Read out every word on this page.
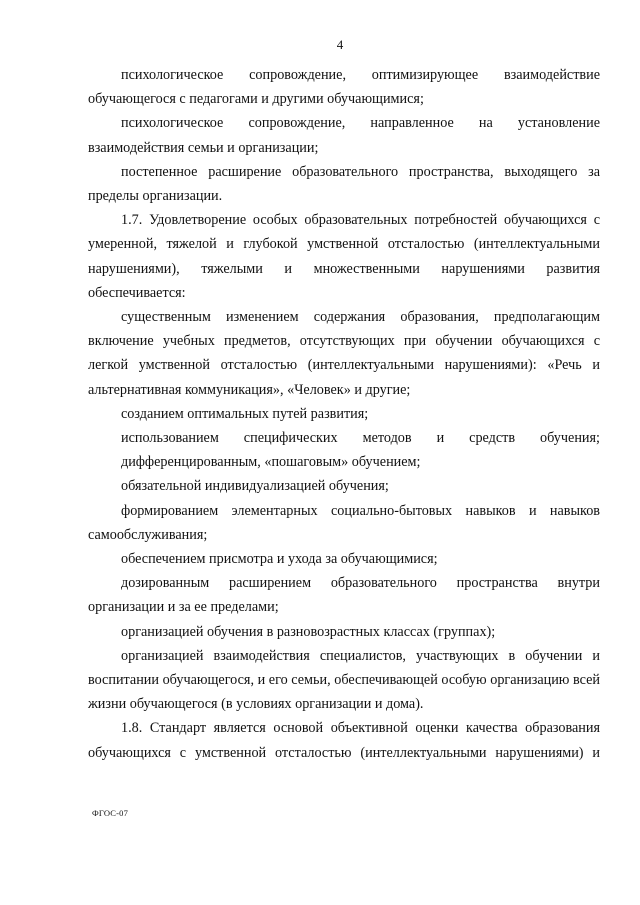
4

психологическое сопровождение, оптимизирующее взаимодействие обучающегося с педагогами и другими обучающимися;

психологическое сопровождение, направленное на установление взаимодействия семьи и организации;

постепенное расширение образовательного пространства, выходящего за пределы организации.

1.7. Удовлетворение особых образовательных потребностей обучающихся с умеренной, тяжелой и глубокой умственной отсталостью (интеллектуальными нарушениями), тяжелыми и множественными нарушениями развития обеспечивается:

существенным изменением содержания образования, предполагающим включение учебных предметов, отсутствующих при обучении обучающихся с легкой умственной отсталостью (интеллектуальными нарушениями): «Речь и альтернативная коммуникация», «Человек» и другие;

созданием оптимальных путей развития;

использованием специфических методов и средств обучения;

дифференцированным, «пошаговым» обучением;

обязательной индивидуализацией обучения;

формированием элементарных социально-бытовых навыков и навыков самообслуживания;

обеспечением присмотра и ухода за обучающимися;

дозированным расширением образовательного пространства внутри организации и за ее пределами;

организацией обучения в разновозрастных классах (группах);

организацией взаимодействия специалистов, участвующих в обучении и воспитании обучающегося, и его семьи, обеспечивающей особую организацию всей жизни обучающегося (в условиях организации и дома).

1.8. Стандарт является основой объективной оценки качества образования обучающихся с умственной отсталостью (интеллектуальными нарушениями) и

ФГОС-07
